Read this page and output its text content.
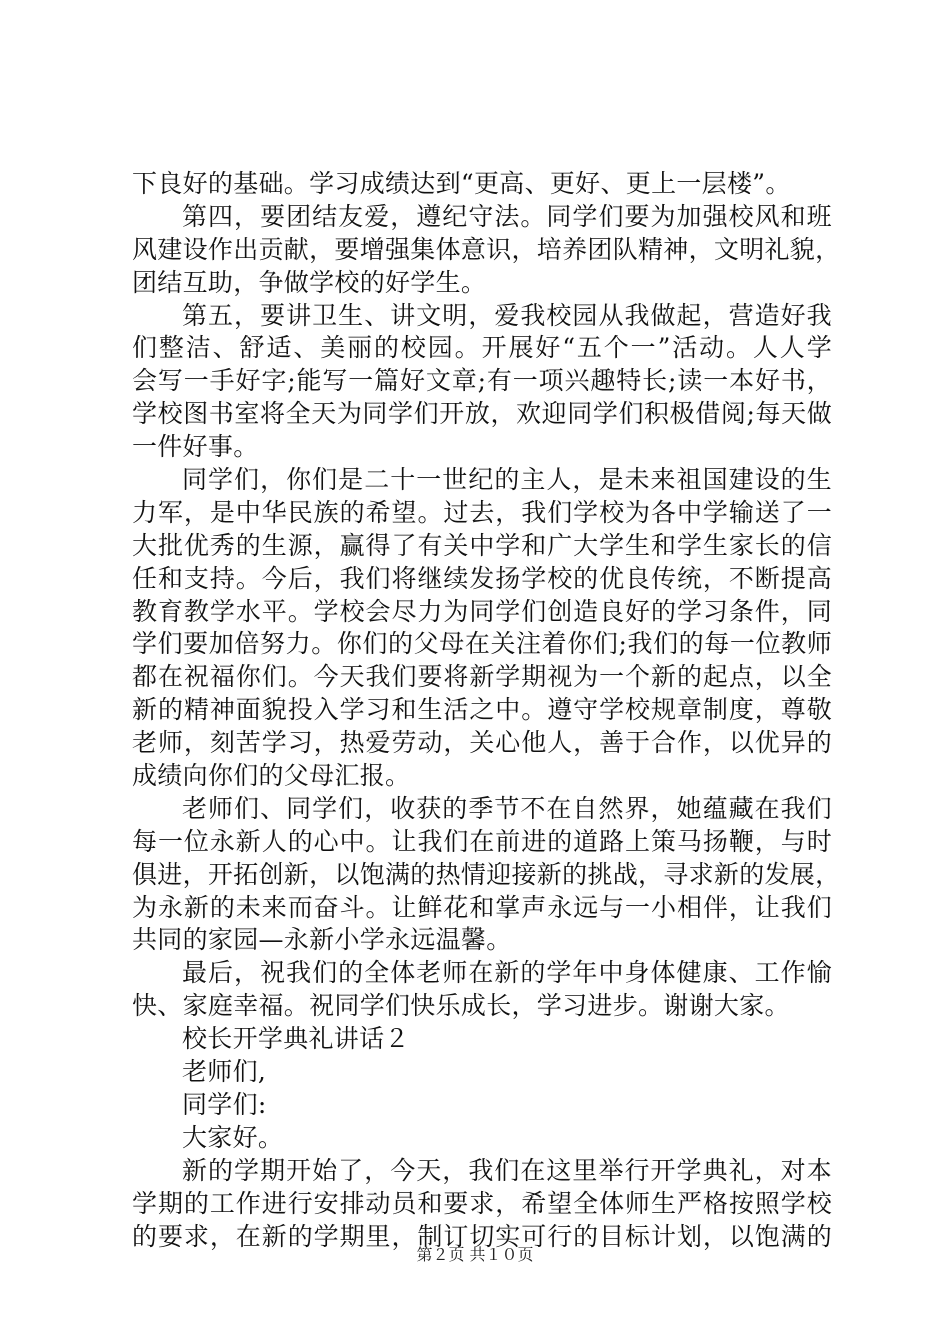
下良好的基础。学习成绩达到“更高、更好、更上一层楼”。
第四，要团结友爱，遵纪守法。同学们要为加强校风和班
风建设作出贡献，要增强集体意识，培养团队精神，文明礼貌，
团结互助，争做学校的好学生。
第五，要讲卫生、讲文明，爱我校园从我做起，营造好我
们整洁、舒适、美丽的校园。开展好“五个一”活动。人人学
会写一手好字;能写一篇好文章;有一项兴趣特长;读一本好书，
学校图书室将全天为同学们开放，欢迎同学们积极借阅;每天做
一件好事。
同学们，你们是二十一世纪的主人，是未来祖国建设的生
力军，是中华民族的希望。过去，我们学校为各中学输送了一
大批优秀的生源，赢得了有关中学和广大学生和学生家长的信
任和支持。今后，我们将继续发扬学校的优良传统，不断提高
教育教学水平。学校会尽力为同学们创造良好的学习条件，同
学们要加倍努力。你们的父母在关注着你们;我们的每一位教师
都在祝福你们。今天我们要将新学期视为一个新的起点，以全
新的精神面貌投入学习和生活之中。遵守学校规章制度，尊敬
老师，刻苦学习，热爱劳动，关心他人，善于合作，以优异的
成绩向你们的父母汇报。
老师们、同学们，收获的季节不在自然界，她蕴藏在我们
每一位永新人的心中。让我们在前进的道路上策马扬鞭，与时
俱进，开拓创新，以饱满的热情迎接新的挑战，寻求新的发展，
为永新的未来而奋斗。让鲜花和掌声永远与一小相伴，让我们
共同的家园—永新小学永远温馨。
最后，祝我们的全体老师在新的学年中身体健康、工作愉
快、家庭幸福。祝同学们快乐成长，学习进步。谢谢大家。
校长开学典礼讲话２
老师们,
同学们:
大家好。
新的学期开始了，今天，我们在这里举行开学典礼，对本
学期的工作进行安排动员和要求，希望全体师生严格按照学校
的要求，在新的学期里，制订切实可行的目标计划，以饱满的
第２页 共１０页
